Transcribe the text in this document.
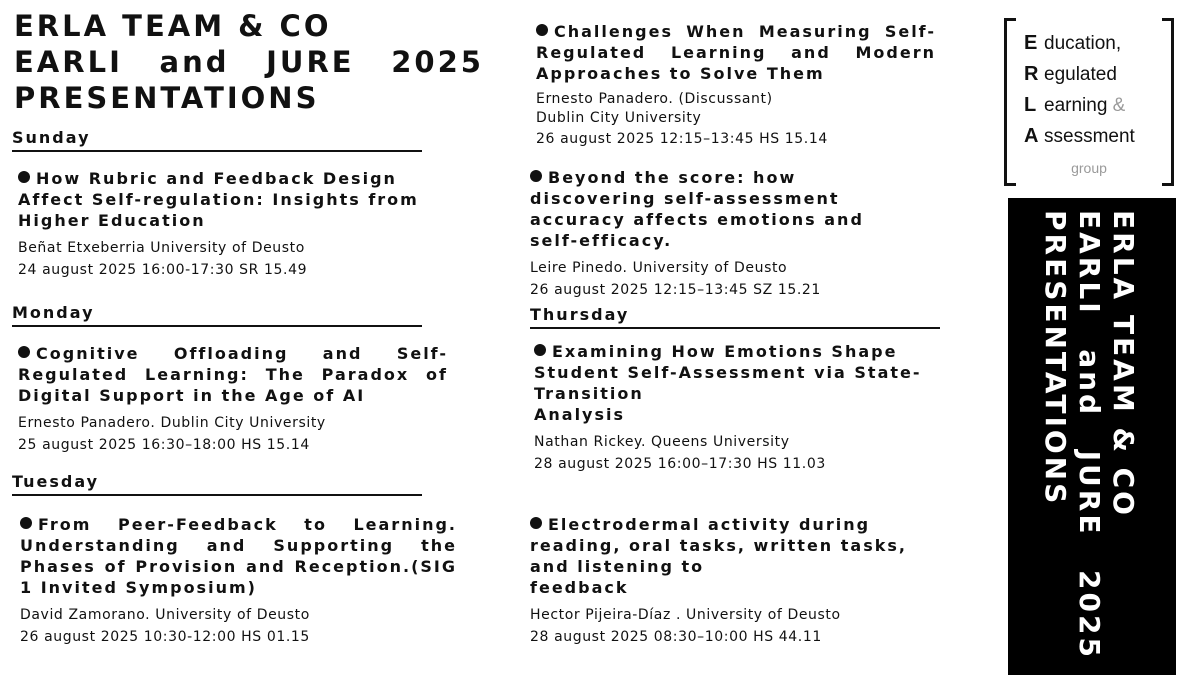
ERLA TEAM & CO
EARLI and JURE 2025
PRESENTATIONS
Sunday
How Rubric and Feedback Design Affect Self-regulation: Insights from Higher Education
Beñat Etxeberria University of Deusto
24 august 2025 16:00-17:30 SR 15.49
Monday
Cognitive Offloading and Self-Regulated Learning: The Paradox of Digital Support in the Age of AI
Ernesto Panadero. Dublin City University
25 august 2025 16:30–18:00 HS 15.14
Tuesday
From Peer-Feedback to Learning. Understanding and Supporting the Phases of Provision and Reception.(SIG 1 Invited Symposium)
David Zamorano. University of Deusto
26 august 2025 10:30-12:00 HS 01.15
Challenges When Measuring Self-Regulated Learning and Modern Approaches to Solve Them
Ernesto Panadero. (Discussant)
Dublin City University
26 august 2025 12:15–13:45 HS 15.14
Beyond the score: how discovering self-assessment accuracy affects emotions and self-efficacy.
Leire Pinedo. University of Deusto
26 august 2025 12:15–13:45 SZ 15.21
Thursday
Examining How Emotions Shape Student Self-Assessment via State-Transition
Analysis
Nathan Rickey. Queens University
28 august 2025 16:00–17:30 HS 11.03
Electrodermal activity during reading, oral tasks, written tasks, and listening to
feedback
Hector Pijeira-Díaz . University of Deusto
28 august 2025 08:30–10:00 HS 44.11
E ducation,
R egulated
L earning &
A ssessment
group
ERLA TEAM & CO
EARLI
and
JURE
2025
PRESENTATIONS
